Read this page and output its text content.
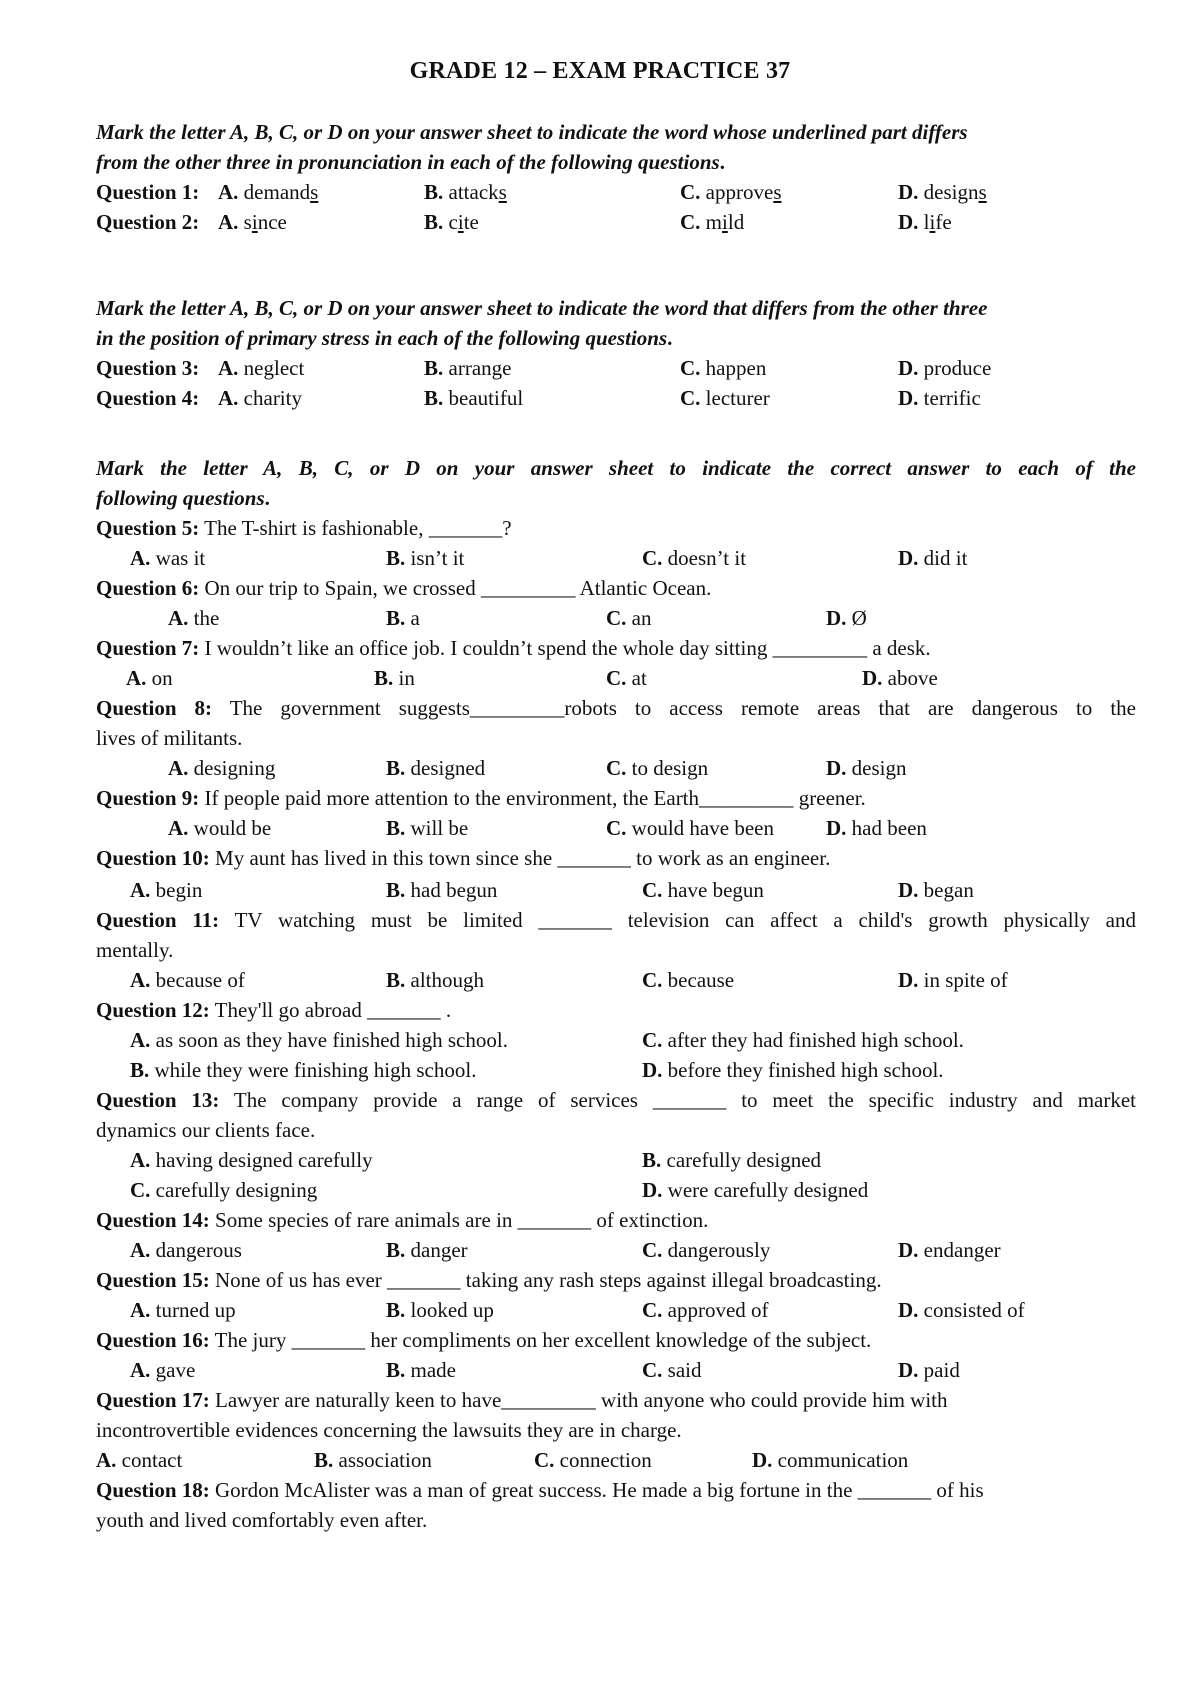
GRADE 12 – EXAM PRACTICE 37
Mark the letter A, B, C, or D on your answer sheet to indicate the word whose underlined part differs
from the other three in pronunciation in each of the following questions.
Question 1: A. demands	B. attacks	C. approves	D. designs
Question 2: A. since	B. cite	C. mild	D. life
Mark the letter A, B, C, or D on your answer sheet to indicate the word that differs from the other three
in the position of primary stress in each of the following questions.
Question 3: A. neglect	B. arrange	C. happen	D. produce
Question 4: A. charity	B. beautiful	C. lecturer	D. terrific
Mark the letter A, B, C, or D on your answer sheet to indicate the correct answer to each of the
following questions.
Question 5: The T-shirt is fashionable, _______?
A. was it	B. isn’t it	C. doesn’t it	D. did it
Question 6: On our trip to Spain, we crossed _________ Atlantic Ocean.
A. the	B. a	C. an	D. Ø
Question 7: I wouldn’t like an office job. I couldn’t spend the whole day sitting _________ a desk.
A. on	B. in	C. at	D. above
Question 8: The government suggests_________robots to access remote areas that are dangerous to the
lives of militants.
A. designing	B. designed	C. to design	D. design
Question 9: If people paid more attention to the environment, the Earth_________ greener.
A. would be	B. will be	C. would have been D. had been
Question 10: My aunt has lived in this town since she _______ to work as an engineer.
A. begin	B. had begun	C. have begun	D. began
Question 11: TV watching must be limited _______ television can affect a child's growth physically and
mentally.
A. because of	B. although	C. because	D. in spite of
Question 12: They'll go abroad _______ .
A. as soon as they have finished high school.	C. after they had finished high school.
B. while they were finishing high school.	D. before they finished high school.
Question 13: The company provide a range of services _______ to meet the specific industry and market
dynamics our clients face.
A. having designed carefully	B. carefully designed
C. carefully designing	D. were carefully designed
Question 14: Some species of rare animals are in _______ of extinction.
A. dangerous	B. danger	C. dangerously	D. endanger
Question 15: None of us has ever _______ taking any rash steps against illegal broadcasting.
A. turned up	B. looked up	C. approved of	D. consisted of
Question 16: The jury _______ her compliments on her excellent knowledge of the subject.
A. gave	B. made	C. said	D. paid
Question 17: Lawyer are naturally keen to have_________ with anyone who could provide him with
incontrovertible evidences concerning the lawsuits they are in charge.
A. contact	B. association	C. connection	D. communication
Question 18: Gordon McAlister was a man of great success. He made a big fortune in the _______ of his
youth and lived comfortably even after.
